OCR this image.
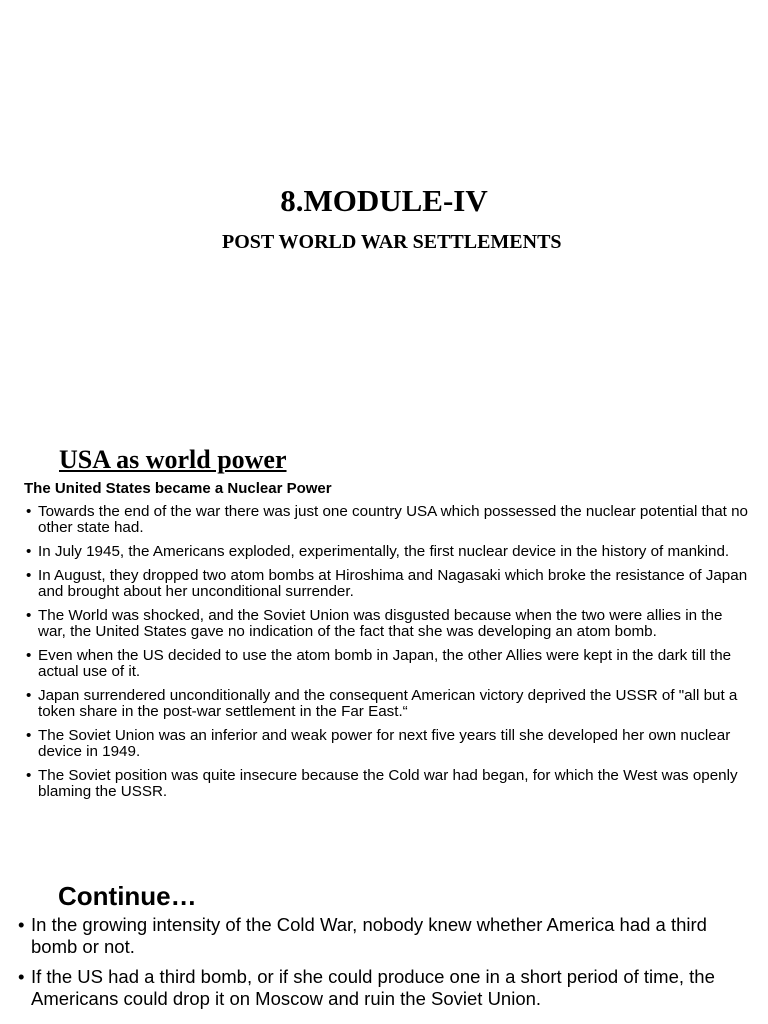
8.MODULE-IV
POST WORLD WAR SETTLEMENTS
USA as world power

The United States became a Nuclear Power

• Towards the end of the war there was just one country USA which possessed the nuclear potential that no other state had.
• In July 1945, the Americans exploded, experimentally, the first nuclear device in the history of mankind.
• In August, they dropped two atom bombs at Hiroshima and Nagasaki which broke the resistance of Japan and brought about her unconditional surrender.
• The World was shocked, and the Soviet Union was disgusted because when the two were allies in the war, the United States gave no indication of the fact that she was developing an atom bomb.
• Even when the US decided to use the atom bomb in Japan, the other Allies were kept in the dark till the actual use of it.
• Japan surrendered unconditionally and the consequent American victory deprived the USSR of "all but a token share in the post-war settlement in the Far East.“
• The Soviet Union was an inferior and weak power for next five years till she developed her own nuclear device in 1949.
• The Soviet position was quite insecure because the Cold war had began, for which the West was openly blaming the USSR.
Continue…
• In the growing intensity of the Cold War, nobody knew whether America had a third bomb or not.
• If the US had a third bomb, or if she could produce one in a short period of time, the Americans could drop it on Moscow and ruin the Soviet Union.
